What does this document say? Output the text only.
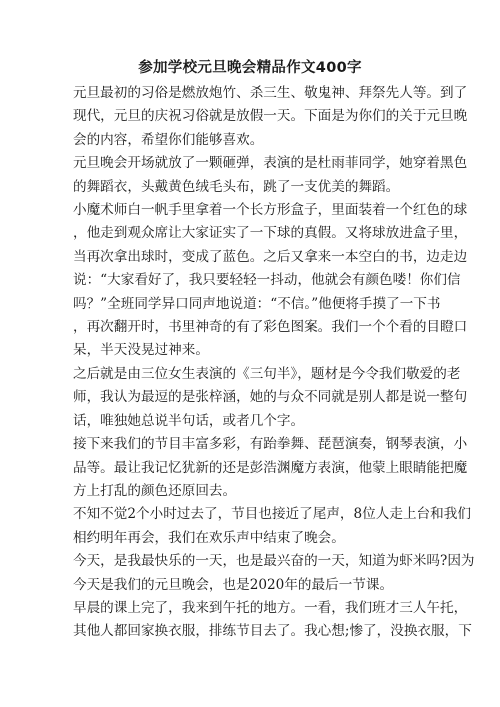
参加学校元旦晚会精品作文400字
元旦最初的习俗是燃放炮竹、杀三生、敬鬼神、拜祭先人等。到了
现代，元旦的庆祝习俗就是放假一天。下面是为你们的关于元旦晚
会的内容，希望你们能够喜欢。
元旦晚会开场就放了一颗砸弹，表演的是杜雨菲同学，她穿着黑色
的舞蹈衣，头戴黄色绒毛头布，跳了一支优美的舞蹈。
小魔术师白一帆手里拿着一个长方形盒子，里面装着一个红色的球
，他走到观众席让大家证实了一下球的真假。又将球放进盒子里，
当再次拿出球时，变成了蓝色。之后又拿来一本空白的书，边走边
说：“大家看好了，我只要轻轻一抖动，他就会有颜色喽！你们信
吗？”全班同学异口同声地说道：“不信。”他便将手摸了一下书
，再次翻开时，书里神奇的有了彩色图案。我们一个个看的目瞪口
呆，半天没晃过神来。
之后就是由三位女生表演的《三句半》，题材是今令我们敬爱的老
师，我认为最逗的是张梓涵，她的与众不同就是别人都是说一整句
话，唯独她总说半句话，或者几个字。
接下来我们的节目丰富多彩，有跆拳舞、琵琶演奏，钢琴表演，小
品等。最让我记忆犹新的还是彭浩渊魔方表演，他蒙上眼睛能把魔
方上打乱的颜色还原回去。
不知不觉2个小时过去了，节目也接近了尾声，8位人走上台和我们
相约明年再会，我们在欢乐声中结束了晚会。
今天，是我最快乐的一天，也是最兴奋的一天，知道为虾米吗?因为
今天是我们的元旦晚会，也是2020年的最后一节课。
早晨的课上完了，我来到午托的地方。一看，我们班才三人午托，
其他人都回家换衣服，排练节目去了。我心想;惨了，没换衣服，下
